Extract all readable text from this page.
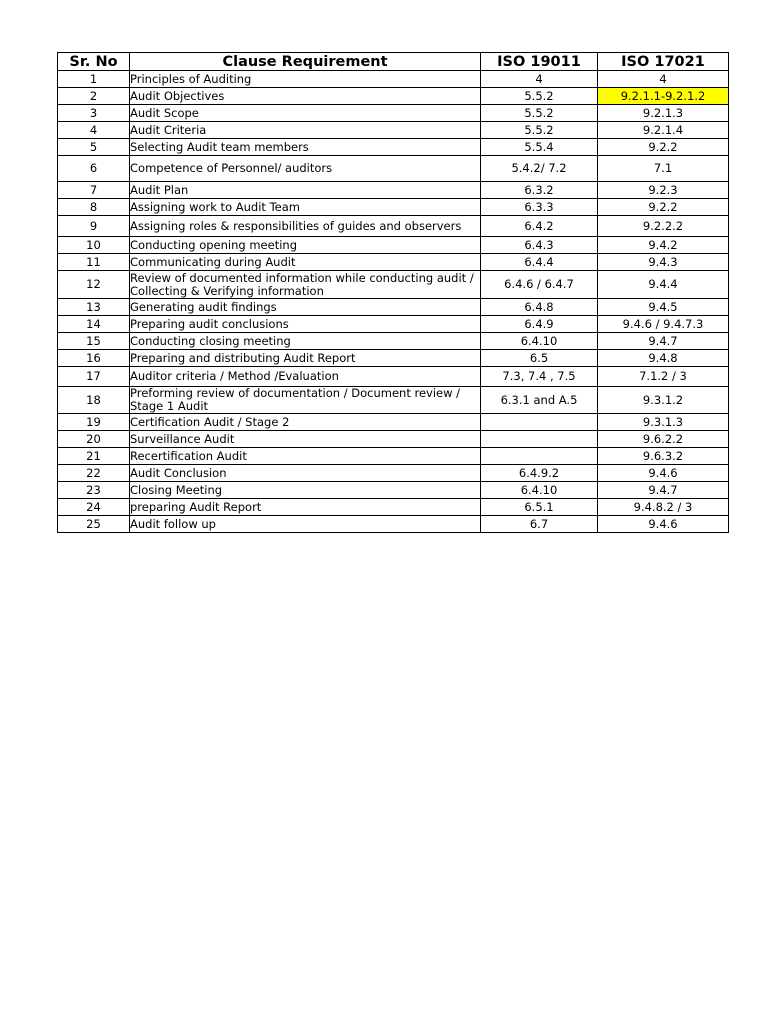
Sr. No	Clause Requirement	ISO 19011	ISO 17021
1	Principles of Auditing	4	4
2	Audit Objectives	5.5.2	9.2.1.1-9.2.1.2
3	Audit Scope	5.5.2	9.2.1.3
4	Audit Criteria	5.5.2	9.2.1.4
5	Selecting Audit team members	5.5.4	9.2.2
6	Competence of Personnel/ auditors	5.4.2/ 7.2	7.1
7	Audit Plan	6.3.2	9.2.3
8	Assigning work to Audit Team	6.3.3	9.2.2
9	Assigning roles & responsibilities of guides and observers	6.4.2	9.2.2.2
10	Conducting opening meeting	6.4.3	9.4.2
11	Communicating during Audit	6.4.4	9.4.3
12	Review of documented information while conducting audit / Collecting & Verifying information	6.4.6 / 6.4.7	9.4.4
13	Generating audit findings	6.4.8	9.4.5
14	Preparing audit conclusions	6.4.9	9.4.6 / 9.4.7.3
15	Conducting closing meeting	6.4.10	9.4.7
16	Preparing and distributing Audit Report	6.5	9.4.8
17	Auditor criteria / Method /Evaluation	7.3, 7.4 , 7.5	7.1.2 / 3
18	Preforming review of documentation / Document review / Stage 1 Audit	6.3.1 and A.5	9.3.1.2
19	Certification Audit / Stage 2		9.3.1.3
20	Surveillance Audit		9.6.2.2
21	Recertification Audit		9.6.3.2
22	Audit Conclusion	6.4.9.2	9.4.6
23	Closing Meeting	6.4.10	9.4.7
24	preparing Audit Report	6.5.1	9.4.8.2 / 3
25	Audit follow up	6.7	9.4.6
